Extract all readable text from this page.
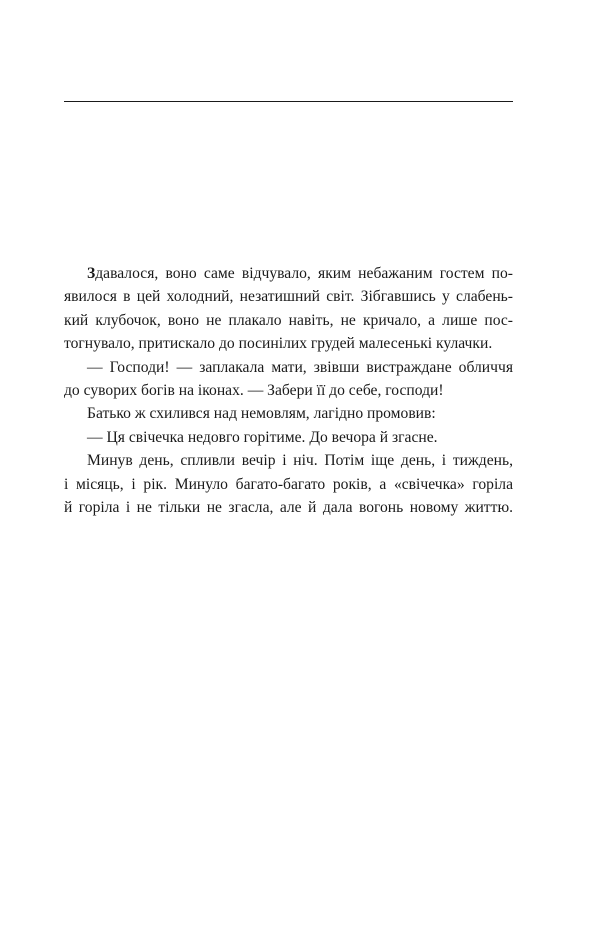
Здавалося, воно саме відчувало, яким небажаним гостем по-
явилося в цей холодний, незатишний світ. Зібгавшись у слабень-
кий клубочок, воно не плакало навіть, не кричало, а лише пос-
тогнувало, притискало до посинілих грудей малесенькі кулачки.
— Господи! — заплакала мати, звівши вистраждане обличчя
до суворих богів на іконах. — Забери її до себе, господи!
Батько ж схилився над немовлям, лагідно промовив:
— Ця свічечка недовго горітиме. До вечора й згасне.
Минув день, спливли вечір і ніч. Потім іще день, і тиждень,
і місяць, і рік. Минуло багато-багато років, а «свічечка» горіла
й горіла і не тільки не згасла, але й дала вогонь новому життю.
